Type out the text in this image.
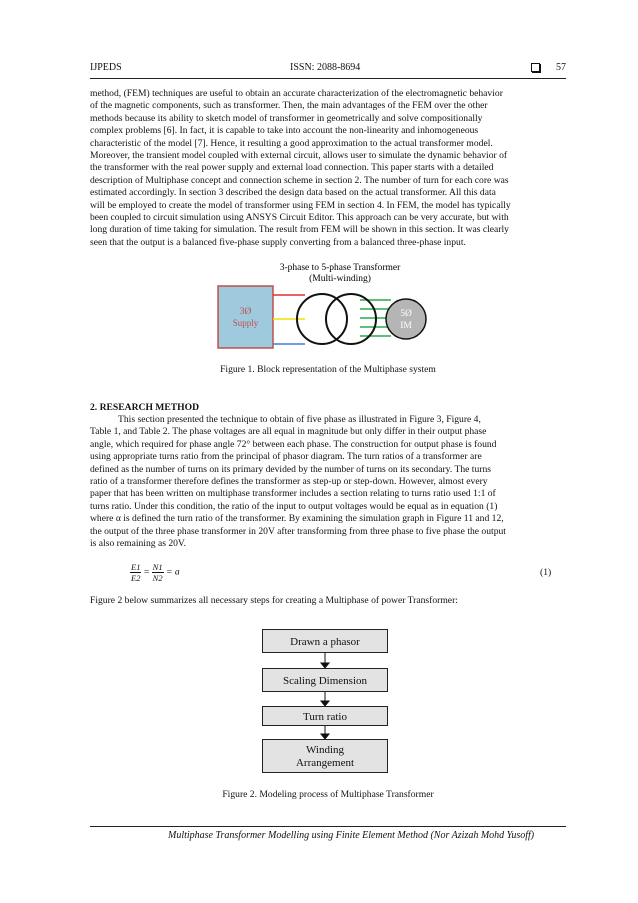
IJPEDS	ISSN: 2088-8694	57
method, (FEM) techniques are useful to obtain an accurate characterization of the electromagnetic behavior
of the magnetic components, such as transformer. Then, the main advantages of the FEM over the other
methods because its ability to sketch model of transformer in geometrically and solve compositionally
complex problems [6]. In fact, it is capable to take into account the non-linearity and inhomogeneous
characteristic of the model [7]. Hence, it resulting a good approximation to the actual transformer model.
Moreover, the transient model coupled with external circuit, allows user to simulate the dynamic behavior of
the transformer with the real power supply and external load connection. This paper starts with a detailed
description of Multiphase concept and connection scheme in section 2. The number of turn for each core was
estimated accordingly. In section 3 described the design data based on the actual transformer. All this data
will be employed to create the model of transformer using FEM in section 4. In FEM, the model has typically
been coupled to circuit simulation using ANSYS Circuit Editor. This approach can be very accurate, but with
long duration of time taking for simulation. The result from FEM will be shown in this section. It was clearly
seen that the output is a balanced five-phase supply converting from a balanced three-phase input.
3-phase to 5-phase Transformer
(Multi-winding)
3Ø
Supply
5Ø
IM
Figure 1. Block representation of the Multiphase system
2. RESEARCH METHOD
This section presented the technique to obtain of five phase as illustrated in Figure 3, Figure 4,
Table 1, and Table 2. The phase voltages are all equal in magnitude but only differ in their output phase
angle, which required for phase angle 72° between each phase. The construction for output phase is found
using appropriate turns ratio from the principal of phasor diagram. The turn ratios of a transformer are
defined as the number of turns on its primary devided by the number of turns on its secondary. The turns
ratio of a transformer therefore defines the transformer as step-up or step-down. However, almost every
paper that has been written on multiphase transformer includes a section relating to turns ratio used 1:1 of
turns ratio. Under this condition, the ratio of the input to output voltages would be equal as in equation (1)
where α is defined the turn ratio of the transformer. By examining the simulation graph in Figure 11 and 12,
the output of the three phase transformer in 20V after transforming from three phase to five phase the output
is also remaining as 20V.
$\frac{E1}{E2} = \frac{N1}{N2} = a$	(1)
Figure 2 below summarizes all necessary steps for creating a Multiphase of power Transformer:
Drawn a phasor
Scaling Dimension
Turn ratio
Winding
Arrangement
Figure 2. Modeling process of Multiphase Transformer
Multiphase Transformer Modelling using Finite Element Method (Nor Azizah Mohd Yusoff)
